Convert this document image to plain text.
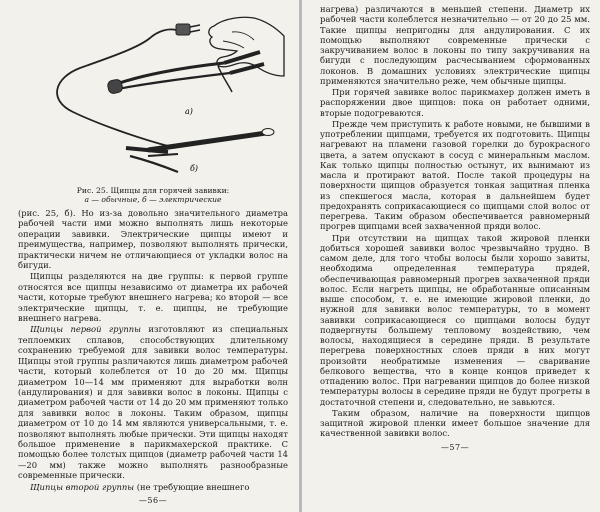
а)
б)
Рис. 25. Щипцы для горячей завивки:
а — обычные, б — электрические

(рис. 25, б). Но из-за довольно значительного диаметра рабочей части ими можно выполнять лишь некоторые операции завивки. Электрические щипцы имеют и преимущества, например, позволяют выполнять прически, практически ничем не отличающиеся от укладки волос на бигуди.

Щипцы разделяются на две группы: к первой группе относятся все щипцы независимо от диаметра их рабочей части, которые требуют внешнего нагрева; ко второй — все электрические щипцы, т. е. щипцы, не требующие внешнего нагрева.

Щипцы первой группы изготовляют из специальных теплоемких сплавов, способствующих длительному сохранению требуемой для завивки волос температуры. Щипцы этой группы различаются лишь диаметром рабочей части, который колеблется от 10 до 20 мм. Щипцы диаметром 10—14 мм применяют для выработки волн (андулирования) и для завивки волос в локоны. Щипцы с диаметром рабочей части от 14 до 20 мм применяют только для завивки волос в локоны. Таким образом, щипцы диаметром от 10 до 14 мм являются универсальными, т. е. позволяют выполнять любые прически. Эти щипцы находят большое применение в парикмахерской практике. С помощью более толстых щипцов (диаметр рабочей части 14—20 мм) также можно выполнять разнообразные современные прически.

Щипцы второй группы (не требующие внешнего

—56—

нагрева) различаются в меньшей степени. Диаметр их рабочей части колеблется незначительно — от 20 до 25 мм. Такие щипцы непригодны для андулирования. С их помощью выполняют современные прически с закручиванием волос в локоны по типу закручивания на бигуди с последующим расчесыванием сформованных локонов. В домашних условиях электрические щипцы применяются значительно реже, чем обычные щипцы.

При горячей завивке волос парикмахер должен иметь в распоряжении двое щипцов: пока он работает одними, вторые подогреваются.

Прежде чем приступить к работе новыми, не бывшими в употреблении щипцами, требуется их подготовить. Щипцы нагревают на пламени газовой горелки до бурокрасного цвета, а затем опускают в сосуд с минеральным маслом. Как только щипцы полностью остынут, их вынимают из масла и протирают ватой. После такой процедуры на поверхности щипцов образуется тонкая защитная пленка из спекшегося масла, которая в дальнейшем будет предохранять соприкасающиеся со щипцами слой волос от перегрева. Таким образом обеспечивается равномерный прогрев щипцами всей захваченной пряди волос.

При отсутствии на щипцах такой жировой пленки добиться хорошей завивки волос чрезвычайно трудно. В самом деле, для того чтобы волосы были хорошо завиты, необходима определенная температура прядей, обеспечивающая равномерный прогрев захваченной пряди волос. Если нагреть щипцы, не обработанные описанным выше способом, т. е. не имеющие жировой пленки, до нужной для завивки волос температуры, то в момент завивки соприкасающиеся со щипцами волосы будут подвергнуты большему тепловому воздействию, чем волосы, находящиеся в середине пряди. В результате перегрева поверхностных слоев пряди в них могут произойти необратимые изменения — сваривание белкового вещества, что в конце концов приведет к отпадению волос. При нагревании щипцов до более низкой температуры волосы в середине пряди не будут прогреты в достаточной степени и, следовательно, не завьются.

Таким образом, наличие на поверхности щипцов защитной жировой пленки имеет большое значение для качественной завивки волос.

—57—
